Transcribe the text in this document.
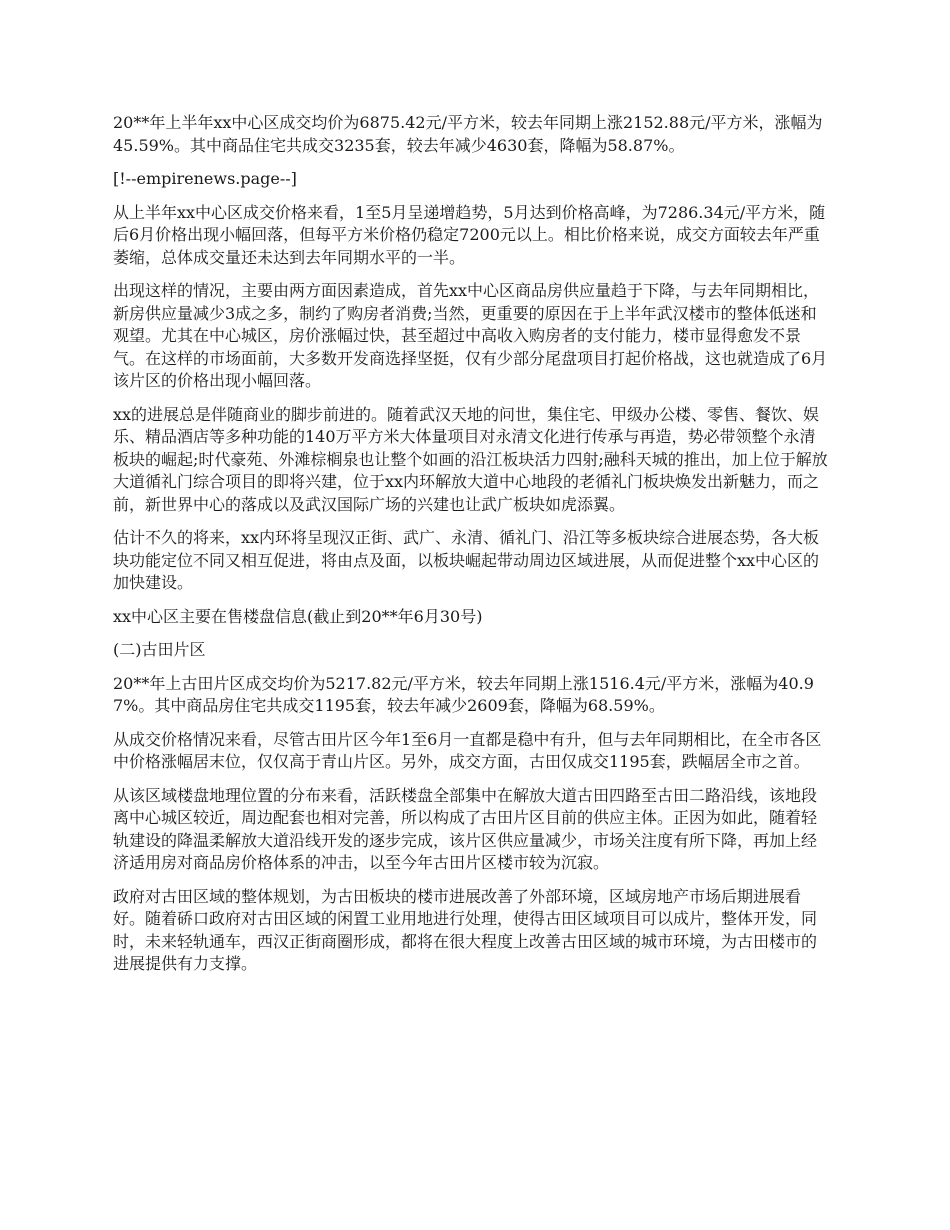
20**年上半年xx中心区成交均价为6875.42元/平方米，较去年同期上涨2152.88元/平方米，涨幅为45.59%。其中商品住宅共成交3235套，较去年减少4630套，降幅为58.87%。

[!--empirenews.page--]

从上半年xx中心区成交价格来看，1至5月呈递增趋势，5月达到价格高峰，为7286.34元/平方米，随后6月价格出现小幅回落，但每平方米价格仍稳定7200元以上。相比价格来说，成交方面较去年严重萎缩，总体成交量还未达到去年同期水平的一半。

出现这样的情况，主要由两方面因素造成，首先xx中心区商品房供应量趋于下降，与去年同期相比，新房供应量减少3成之多，制约了购房者消费;当然，更重要的原因在于上半年武汉楼市的整体低迷和观望。尤其在中心城区，房价涨幅过快，甚至超过中高收入购房者的支付能力，楼市显得愈发不景气。在这样的市场面前，大多数开发商选择坚挺，仅有少部分尾盘项目打起价格战，这也就造成了6月该片区的价格出现小幅回落。

xx的进展总是伴随商业的脚步前进的。随着武汉天地的问世，集住宅、甲级办公楼、零售、餐饮、娱乐、精品酒店等多种功能的140万平方米大体量项目对永清文化进行传承与再造，势必带领整个永清板块的崛起;时代豪苑、外滩棕榈泉也让整个如画的沿江板块活力四射;融科天城的推出，加上位于解放大道循礼门综合项目的即将兴建，位于xx内环解放大道中心地段的老循礼门板块焕发出新魅力，而之前，新世界中心的落成以及武汉国际广场的兴建也让武广板块如虎添翼。

估计不久的将来，xx内环将呈现汉正街、武广、永清、循礼门、沿江等多板块综合进展态势，各大板块功能定位不同又相互促进，将由点及面，以板块崛起带动周边区域进展，从而促进整个xx中心区的加快建设。

xx中心区主要在售楼盘信息(截止到20**年6月30号)

(二)古田片区

20**年上古田片区成交均价为5217.82元/平方米，较去年同期上涨1516.4元/平方米，涨幅为40.97%。其中商品房住宅共成交1195套，较去年减少2609套，降幅为68.59%。

从成交价格情况来看，尽管古田片区今年1至6月一直都是稳中有升，但与去年同期相比，在全市各区中价格涨幅居末位，仅仅高于青山片区。另外，成交方面，古田仅成交1195套，跌幅居全市之首。

从该区域楼盘地理位置的分布来看，活跃楼盘全部集中在解放大道古田四路至古田二路沿线，该地段离中心城区较近，周边配套也相对完善，所以构成了古田片区目前的供应主体。正因为如此，随着轻轨建设的降温柔解放大道沿线开发的逐步完成，该片区供应量减少，市场关注度有所下降，再加上经济适用房对商品房价格体系的冲击，以至今年古田片区楼市较为沉寂。

政府对古田区域的整体规划，为古田板块的楼市进展改善了外部环境，区域房地产市场后期进展看好。随着硚口政府对古田区域的闲置工业用地进行处理，使得古田区域项目可以成片，整体开发，同时，未来轻轨通车，西汉正街商圈形成，都将在很大程度上改善古田区域的城市环境，为古田楼市的进展提供有力支撑。
